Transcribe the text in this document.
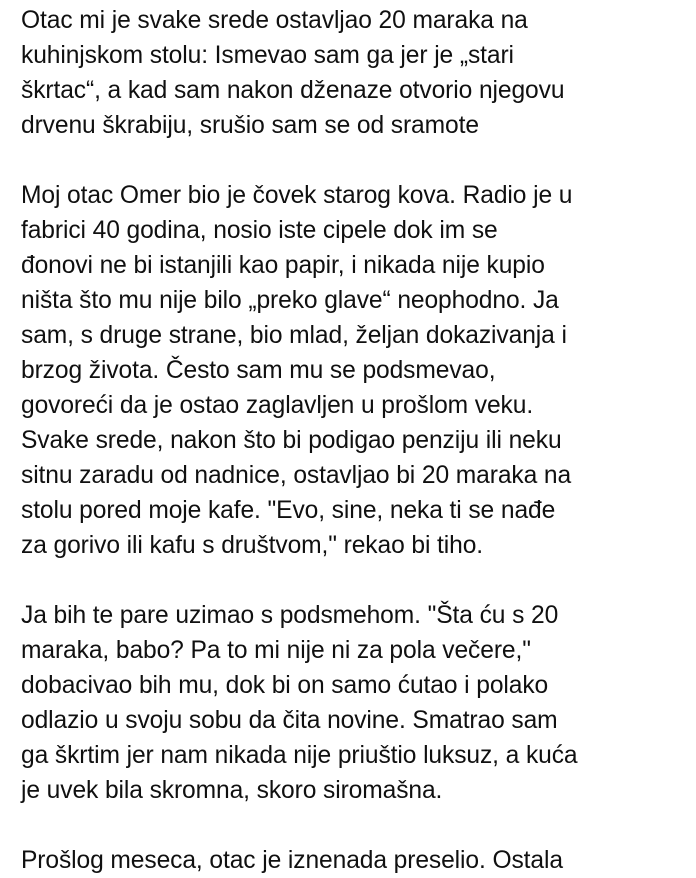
Otac mi je svake srede ostavljao 20 maraka na
kuhinjskom stolu: Ismevao sam ga jer je „stari
škrtac“, a kad sam nakon dženaze otvorio njegovu
drvenu škrabiju, srušio sam se od sramote
Moj otac Omer bio je čovek starog kova. Radio je u
fabrici 40 godina, nosio iste cipele dok im se
đonovi ne bi istanjili kao papir, i nikada nije kupio
ništa što mu nije bilo „preko glave“ neophodno. Ja
sam, s druge strane, bio mlad, željan dokazivanja i
brzog života. Često sam mu se podsmevao,
govoreći da je ostao zaglavljen u prošlom veku.
Svake srede, nakon što bi podigao penziju ili neku
sitnu zaradu od nadnice, ostavljao bi 20 maraka na
stolu pored moje kafe. "Evo, sine, neka ti se nađe
za gorivo ili kafu s društvom," rekao bi tiho.
Ja bih te pare uzimao s podsmehom. "Šta ću s 20
maraka, babo? Pa to mi nije ni za pola večere,"
dobacivao bih mu, dok bi on samo ćutao i polako
odlazio u svoju sobu da čita novine. Smatrao sam
ga škrtim jer nam nikada nije priuštio luksuz, a kuća
je uvek bila skromna, skoro siromašna.
Prošlog meseca, otac je iznenada preselio. Ostala
